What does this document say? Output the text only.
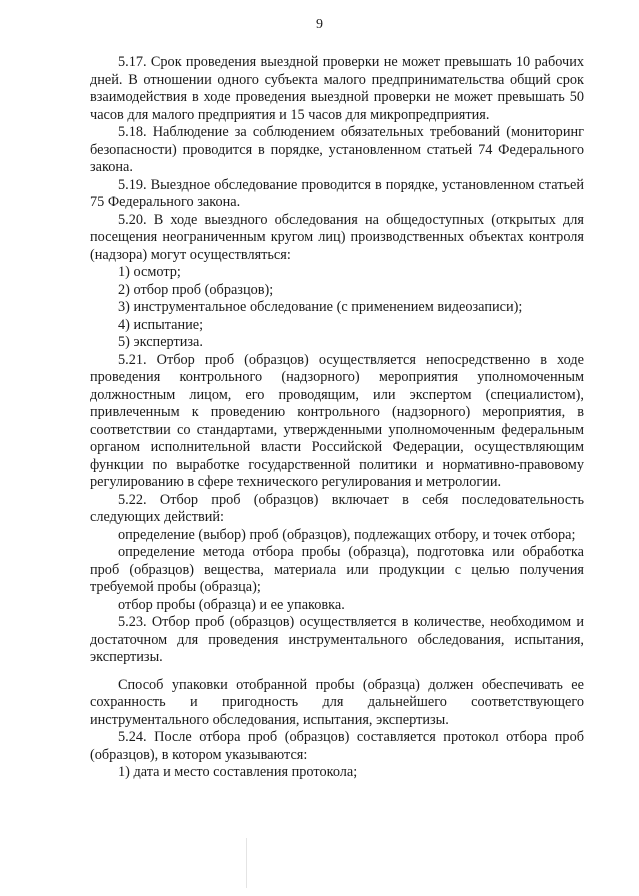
9

5.17. Срок проведения выездной проверки не может превышать 10 рабочих дней. В отношении одного субъекта малого предпринимательства общий срок взаимодействия в ходе проведения выездной проверки не может превышать 50 часов для малого предприятия и 15 часов для микропредприятия.

5.18. Наблюдение за соблюдением обязательных требований (мониторинг безопасности) проводится в порядке, установленном статьей 74 Федерального закона.

5.19. Выездное обследование проводится в порядке, установленном статьей 75 Федерального закона.

5.20. В ходе выездного обследования на общедоступных (открытых для посещения неограниченным кругом лиц) производственных объектах контроля (надзора) могут осуществляться:

1) осмотр;

2) отбор проб (образцов);

3) инструментальное обследование (с применением видеозаписи);

4) испытание;

5) экспертиза.

5.21. Отбор проб (образцов) осуществляется непосредственно в ходе проведения контрольного (надзорного) мероприятия уполномоченным должностным лицом, его проводящим, или экспертом (специалистом), привлеченным к проведению контрольного (надзорного) мероприятия, в соответствии со стандартами, утвержденными уполномоченным федеральным органом исполнительной власти Российской Федерации, осуществляющим функции по выработке государственной политики и нормативно-правовому регулированию в сфере технического регулирования и метрологии.

5.22. Отбор проб (образцов) включает в себя последовательность следующих действий:

определение (выбор) проб (образцов), подлежащих отбору, и точек отбора;

определение метода отбора пробы (образца), подготовка или обработка проб (образцов) вещества, материала или продукции с целью получения требуемой пробы (образца);

отбор пробы (образца) и ее упаковка.

5.23. Отбор проб (образцов) осуществляется в количестве, необходимом и достаточном для проведения инструментального обследования, испытания, экспертизы.

Способ упаковки отобранной пробы (образца) должен обеспечивать ее сохранность и пригодность для дальнейшего соответствующего инструментального обследования, испытания, экспертизы.

5.24. После отбора проб (образцов) составляется протокол отбора проб (образцов), в котором указываются:

1) дата и место составления протокола;
